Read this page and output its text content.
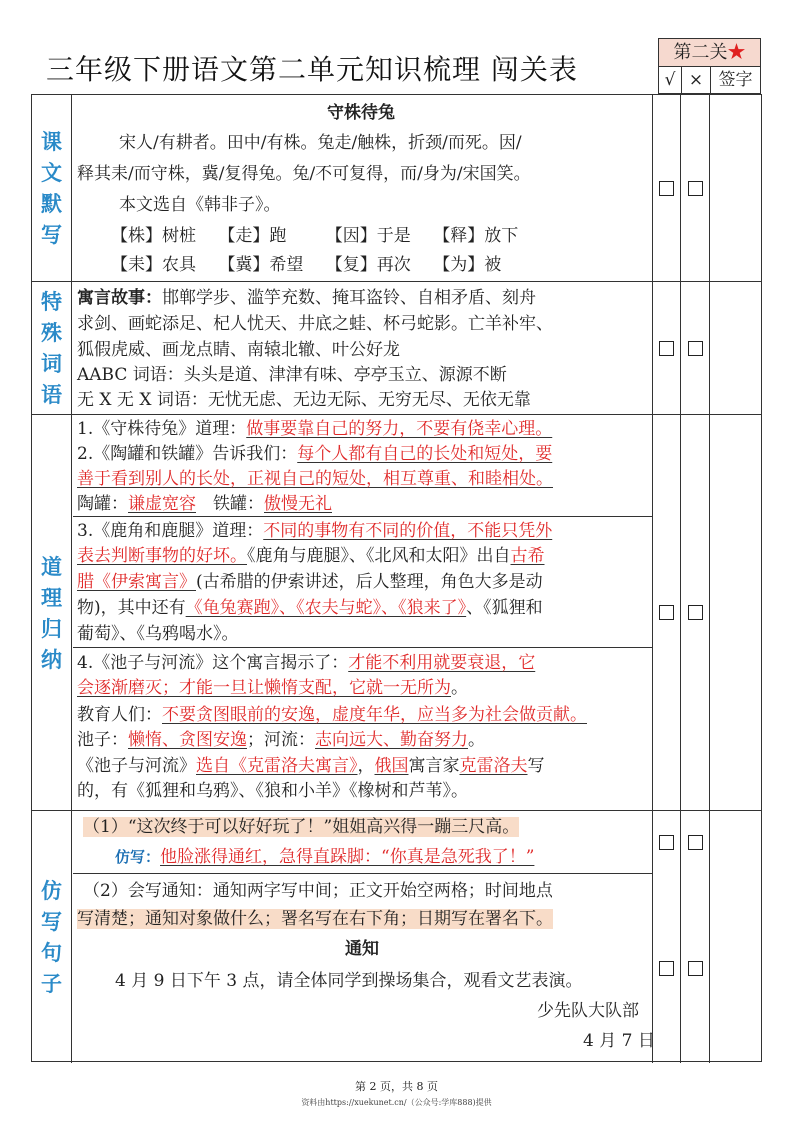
三年级下册语文第二单元知识梳理 闯关表
第二关★
√ × 签字
课
文
默
写
守株待兔
宋人/有耕者。田中/有株。兔走/触株，折颈/而死。因/
释其耒/而守株，冀/复得兔。兔/不可复得，而/身为/宋国笑。
本文选自《韩非子》。
【株】树桩　 【走】跑　　 【因】于是　 【释】放下
【耒】农具　 【冀】希望　 【复】再次　 【为】被
特
殊
词
语
寓言故事：邯郸学步、滥竽充数、掩耳盗铃、自相矛盾、刻舟
求剑、画蛇添足、杞人忧天、井底之蛙、杯弓蛇影。亡羊补牢、
狐假虎威、画龙点睛、南辕北辙、叶公好龙
AABC 词语：头头是道、津津有味、亭亭玉立、源源不断
无 X 无 X 词语：无忧无虑、无边无际、无穷无尽、无依无靠
道
理
归
纳
1.《守株待兔》道理：做事要靠自己的努力，不要有侥幸心理。
2.《陶罐和铁罐》告诉我们：每个人都有自己的长处和短处，要
善于看到别人的长处，正视自己的短处，相互尊重、和睦相处。
陶罐：谦虚宽容　铁罐：傲慢无礼
3.《鹿角和鹿腿》道理：不同的事物有不同的价值，不能只凭外
表去判断事物的好坏。《鹿角与鹿腿》、《北风和太阳》出自古希
腊《伊索寓言》(古希腊的伊索讲述，后人整理，角色大多是动
物)，其中还有《龟兔赛跑》、《农夫与蛇》、《狼来了》、《狐狸和
葡萄》、《乌鸦喝水》。
4.《池子与河流》这个寓言揭示了：才能不利用就要衰退，它
会逐渐磨灭；才能一旦让懒惰支配，它就一无所为。
教育人们：不要贪图眼前的安逸，虚度年华，应当多为社会做贡献。
池子：懒惰、贪图安逸；河流：志向远大、勤奋努力。
《池子与河流》选自《克雷洛夫寓言》，俄国寓言家克雷洛夫写
的，有《狐狸和乌鸦》、《狼和小羊》《橡树和芦苇》。
仿
写
句
子
（1）“这次终于可以好好玩了！”姐姐高兴得一蹦三尺高。
仿写：他脸涨得通红，急得直跺脚：“你真是急死我了！”
（2）会写通知：通知两字写中间；正文开始空两格；时间地点
写清楚；通知对象做什么；署名写在右下角；日期写在署名下。
通知
4 月 9 日下午 3 点，请全体同学到操场集合，观看文艺表演。
少先队大队部
4 月 7 日
第 2 页，共 8 页
资料由https://xuekunet.cn/（公众号:学库888)提供
